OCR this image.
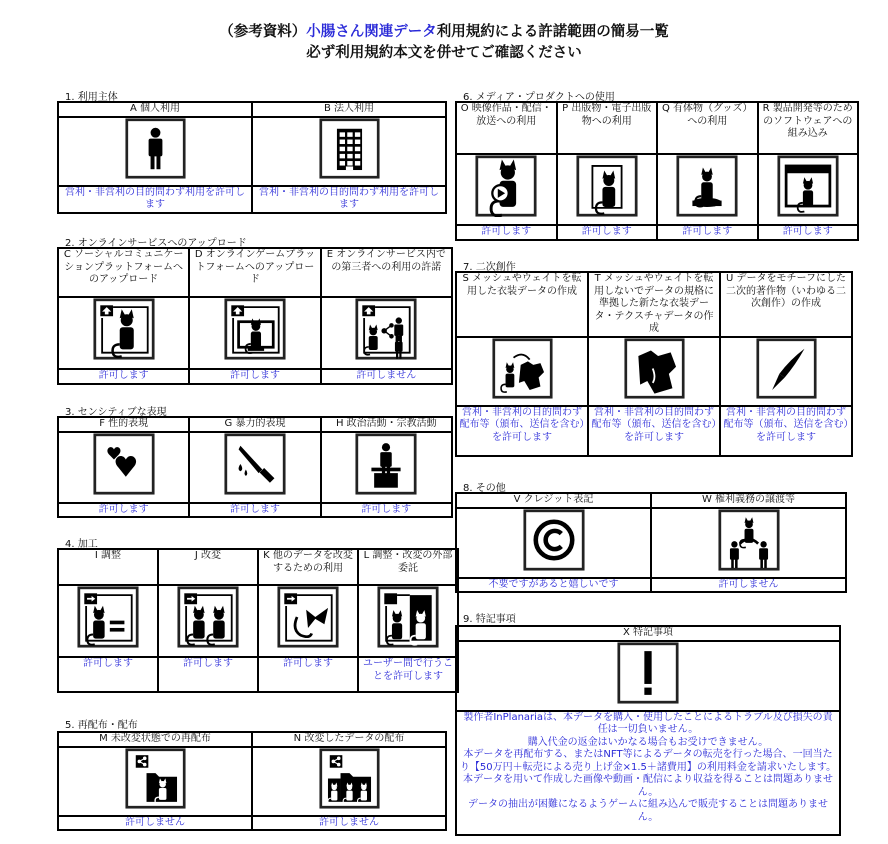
（参考資料）小腸さん関連データ利用規約による許諾範囲の簡易一覧
必ず利用規約本文を併せてご確認ください
1. 利用主体
A 個人利用	B 法人利用

営利・非営利の目的問わず利用を許可します	営利・非営利の目的問わず利用を許可します
2. オンラインサービスへのアップロード
C ソーシャルコミュニケーションプラットフォームへのアップロード	D オンラインゲームプラットフォームへのアップロード	E オンラインサービス内での第三者への利用の許諾

許可します	許可します	許可しません
3. センシティブな表現
F 性的表現	G 暴力的表現	H 政治活動・宗教活動

許可します	許可します	許可します
4. 加工
I 調整	J 改変	K 他のデータを改変するための利用	L 調整・改変の外部委託

許可します	許可します	許可します	ユーザー間で行うことを許可します
5. 再配布・配布
M 未改変状態での再配布	N 改変したデータの配布

許可しません	許可しません
6. メディア・プロダクトへの使用
O 映像作品・配信・放送への利用	P 出版物・電子出版物への利用	Q 有体物（グッズ）への利用	R 製品開発等のためのソフトウェアへの組み込み

許可します	許可します	許可します	許可します
7. 二次創作
S メッシュやウェイトを転用した衣装データの作成	T メッシュやウェイトを転用しないでデータの規格に準拠した新たな衣装データ・テクスチャデータの作成	U データをモチーフにした二次的著作物（いわゆる二次創作）の作成

営利・非営利の目的問わず配布等（頒布、送信を含む）を許可します	営利・非営利の目的問わず配布等（頒布、送信を含む）を許可します	営利・非営利の目的問わず配布等（頒布、送信を含む）を許可します
8. その他
V クレジット表記	W 権利義務の譲渡等

不要ですがあると嬉しいです	許可しません
9. 特記事項
X 特記事項

製作者InPlanariaは、本データを購入・使用したことによるトラブル及び損失の責任は一切負いません。
購入代金の返金はいかなる場合もお受けできません。
本データを再配布する、またはNFT等によるデータの転売を行った場合、一回当たり【50万円＋転売による売り上げ金×1.5＋諸費用】の利用料金を請求いたします。
本データを用いて作成した画像や動画・配信により収益を得ることは問題ありません。
データの抽出が困難になるようゲームに組み込んで販売することは問題ありません。
